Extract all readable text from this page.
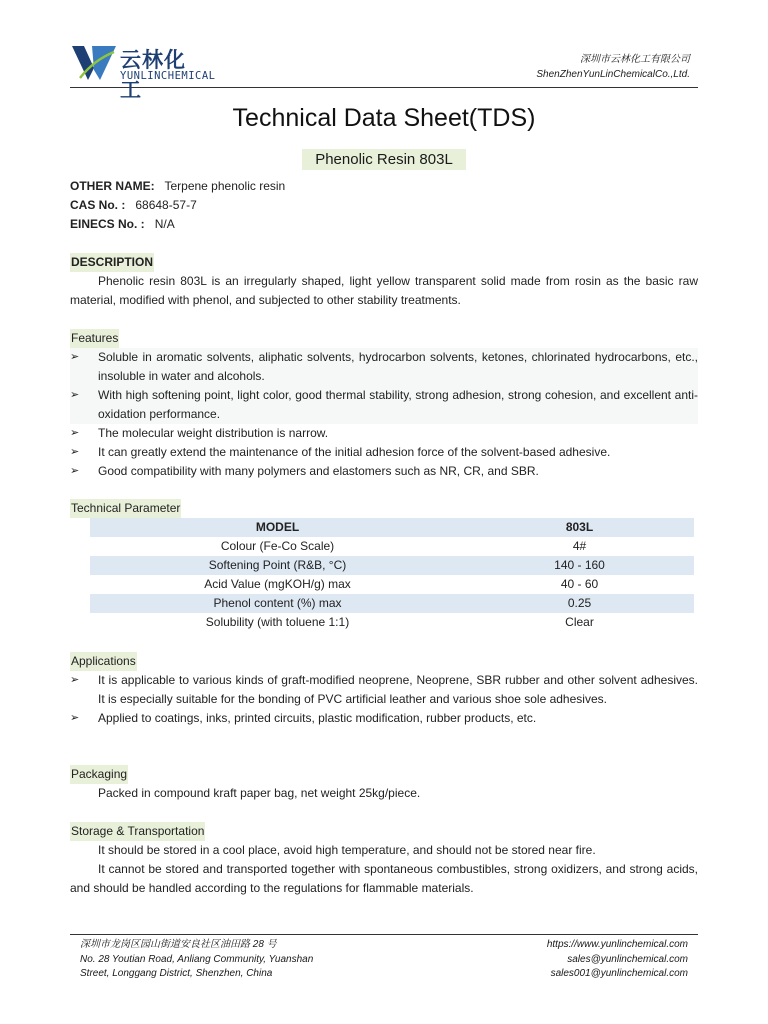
云林化工
YUNLINCHEMICAL
深圳市云林化工有限公司
ShenZhenYunLinChemicalCo.,Ltd.
Technical Data Sheet(TDS)
Phenolic Resin 803L
OTHER NAME: Terpene phenolic resin
CAS No. : 68648-57-7
EINECS No. : N/A
DESCRIPTION
Phenolic resin 803L is an irregularly shaped, light yellow transparent solid made from rosin as the basic raw material, modified with phenol, and subjected to other stability treatments.
Features
➢ Soluble in aromatic solvents, aliphatic solvents, hydrocarbon solvents, ketones, chlorinated hydrocarbons, etc., insoluble in water and alcohols.
➢ With high softening point, light color, good thermal stability, strong adhesion, strong cohesion, and excellent anti-oxidation performance.
➢ The molecular weight distribution is narrow.
➢ It can greatly extend the maintenance of the initial adhesion force of the solvent-based adhesive.
➢ Good compatibility with many polymers and elastomers such as NR, CR, and SBR.
Technical Parameter
MODEL	803L
Colour (Fe-Co Scale)	4#
Softening Point (R&B, °C)	140 - 160
Acid Value (mgKOH/g) max	40 - 60
Phenol content (%) max	0.25
Solubility (with toluene 1:1)	Clear
Applications
➢ It is applicable to various kinds of graft-modified neoprene, Neoprene, SBR rubber and other solvent adhesives. It is especially suitable for the bonding of PVC artificial leather and various shoe sole adhesives.
➢ Applied to coatings, inks, printed circuits, plastic modification, rubber products, etc.
Packaging
Packed in compound kraft paper bag, net weight 25kg/piece.
Storage & Transportation
It should be stored in a cool place, avoid high temperature, and should not be stored near fire.
It cannot be stored and transported together with spontaneous combustibles, strong oxidizers, and strong acids, and should be handled according to the regulations for flammable materials.
深圳市龙岗区园山街道安良社区油田路 28 号
No. 28 Youtian Road, Anliang Community, Yuanshan
Street, Longgang District, Shenzhen, China
https://www.yunlinchemical.com
sales@yunlinchemical.com
sales001@yunlinchemical.com
